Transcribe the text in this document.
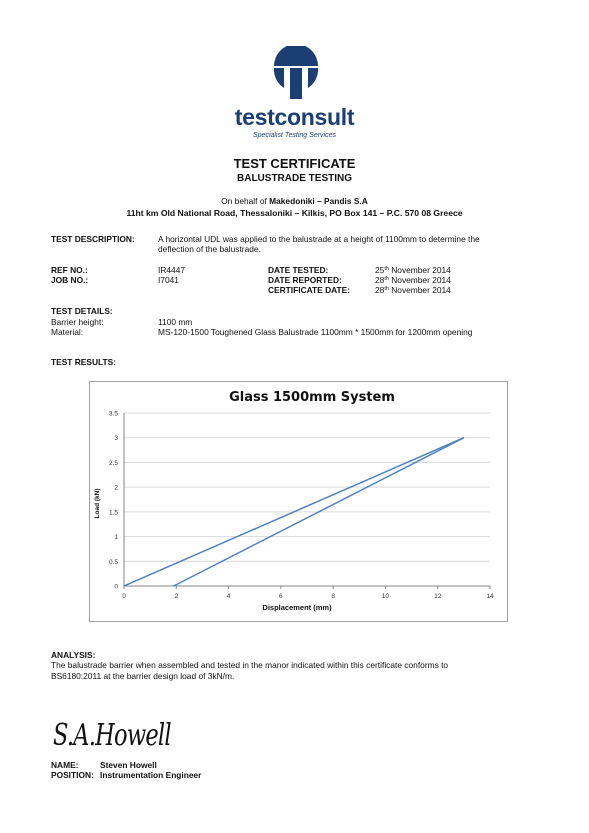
testconsult
Specialist Testing Services
TEST CERTIFICATE
BALUSTRADE TESTING
On behalf of Makedoniki – Pandis S.A
11ht km Old National Road, Thessaloniki – Kilkis, PO Box 141 – P.C. 570 08 Greece
TEST DESCRIPTION:	A horizontal UDL was applied to the balustrade at a height of 1100mm to determine the
deflection of the balustrade.
REF NO.:	IR4447
JOB NO.:	I7041
DATE TESTED:	25th November 2014
DATE REPORTED:	28th November 2014
CERTIFICATE DATE:	28th November 2014
TEST DETAILS:
Barrier height:	1100 mm
Material:	MS-120-1500 Toughened Glass Balustrade 1100mm * 1500mm for 1200mm opening
TEST RESULTS:
Glass 1500mm System
0
0.5
1
1.5
2
2.5
3
3.5
0	2	4	6	8	10	12	14
Displacement (mm)
Load (kN)
ANALYSIS:
The balustrade barrier when assembled and tested in the manor indicated within this certificate conforms to
BS6180:2011 at the barrier design load of 3kN/m.
S.A.Howell
NAME:	Steven Howell
POSITION: Instrumentation Engineer
